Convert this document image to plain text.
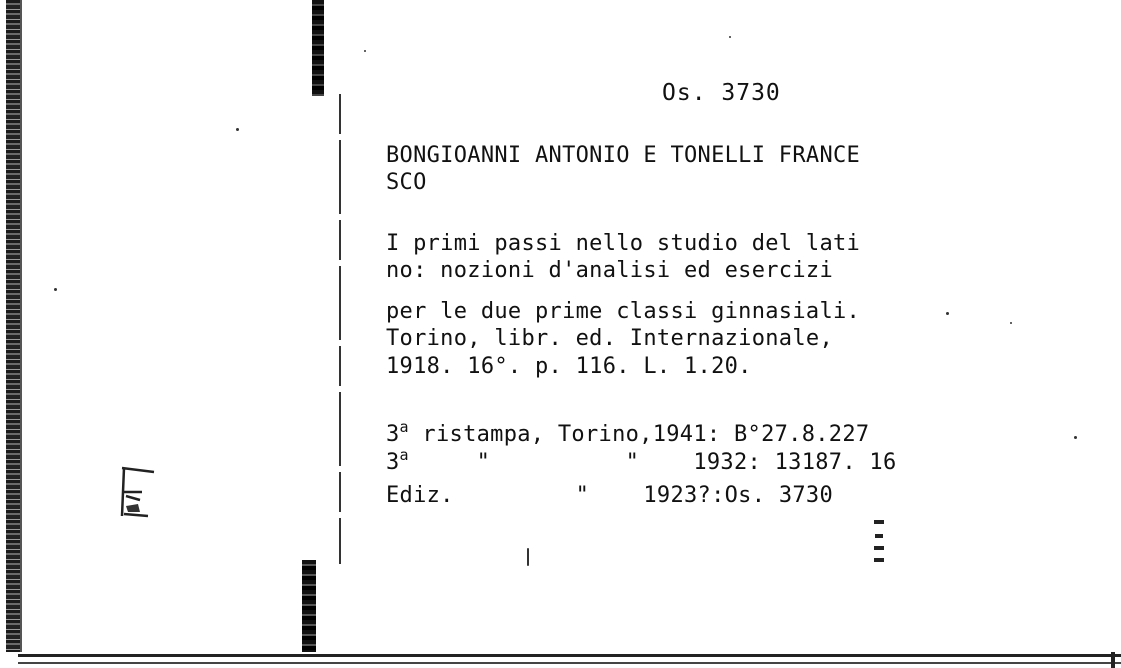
Os. 3730
BONGIOANNI ANTONIO E TONELLI FRANCE
SCO
I primi passi nello studio del lati
no: nozioni d'analisi ed esercizi
per le due prime classi ginnasiali.
Torino, libr. ed. Internazionale,
1918. 16°. p. 116. L. 1.20.
3$^a$ ristampa, Torino,1941: B°27.8.227
3$^a$     "          "    1932: 13187. 16
Ediz.         "    1923?:Os. 3730
